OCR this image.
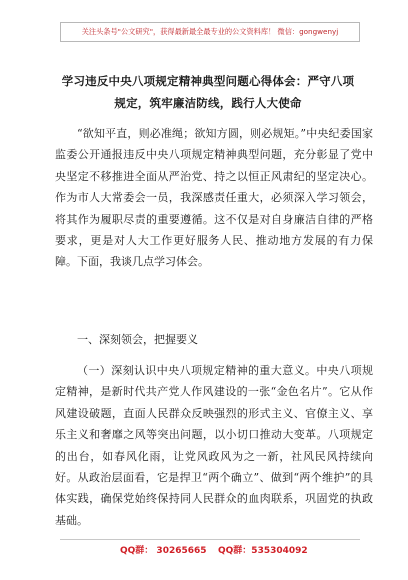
关注头条号"公文研究"，获得最新最全最专业的公文资料库！ 微信：gongwenyj
学习违反中央八项规定精神典型问题心得体会：严守八项
规定，筑牢廉洁防线，践行人大使命

“欲知平直，则必准绳；欲知方圆，则必规矩。”中央纪委国家监委公开通报违反中央八项规定精神典型问题，充分彰显了党中央坚定不移推进全面从严治党、持之以恒正风肃纪的坚定决心。作为市人大常委会一员，我深感责任重大，必须深入学习领会，将其作为履职尽责的重要遵循。这不仅是对自身廉洁自律的严格要求，更是对人大工作更好服务人民、推动地方发展的有力保障。下面，我谈几点学习体会。

一、深刻领会，把握要义

（一）深刻认识中央八项规定精神的重大意义。中央八项规定精神，是新时代共产党人作风建设的一张“金色名片”。它从作风建设破题，直面人民群众反映强烈的形式主义、官僚主义、享乐主义和奢靡之风等突出问题，以小切口推动大变革。八项规定的出台，如春风化雨，让党风政风为之一新，社风民风持续向好。从政治层面看，它是捍卫“两个确立”、做到“两个维护”的具体实践，确保党始终保持同人民群众的血肉联系，巩固党的执政基础。

QQ群： 30265665 QQ群：535304092
